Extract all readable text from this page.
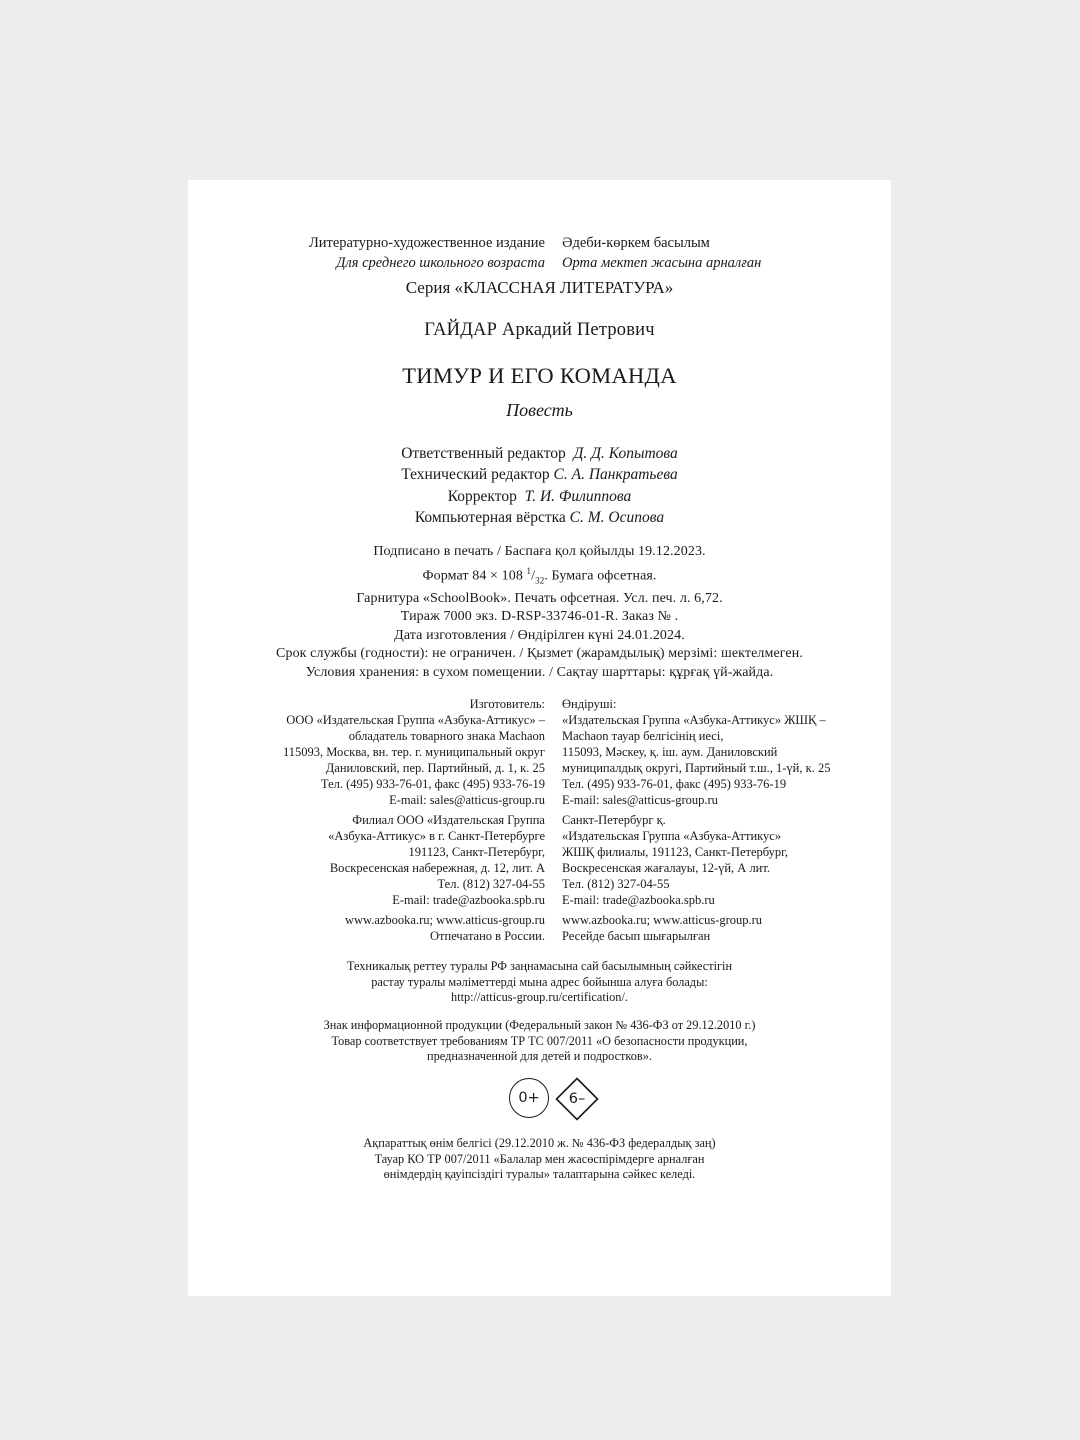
Литературно-художественное издание
Для среднего школьного возраста
Әдеби-көркем басылым
Орта мектеп жасына арналған
Серия «КЛАССНАЯ ЛИТЕРАТУРА»
ГАЙДАР Аркадий Петрович
ТИМУР И ЕГО КОМАНДА
Повесть
Ответственный редактор Д. Д. Копытова
Технический редактор С. А. Панкратьева
Корректор Т. И. Филиппова
Компьютерная вёрстка С. М. Осипова
Подписано в печать / Баспаға қол қойылды 19.12.2023.
Формат 84 × 108 $^1/_{32}$. Бумага офсетная.
Гарнитура «SchoolBook». Печать офсетная. Усл. печ. л. 6,72.
Тираж 7000 экз. D-RSP-33746-01-R. Заказ № .
Дата изготовления / Өндірілген күні 24.01.2024.
Срок службы (годности): не ограничен. / Қызмет (жарамдылық) мерзімі: шектелмеген.
Условия хранения: в сухом помещении. / Сақтау шарттары: құрғақ үй-жайда.
Изготовитель:
ООО «Издательская Группа «Азбука-Аттикус» –
обладатель товарного знака Machaon
115093, Москва, вн. тер. г. муниципальный округ
Даниловский, пер. Партийный, д. 1, к. 25
Тел. (495) 933-76-01, факс (495) 933-76-19
E-mail: sales@atticus-group.ru
Өндіруші:
«Издательская Группа «Азбука-Аттикус» ЖШҚ –
Machaon тауар белгісінің иесі,
115093, Мәскеу, қ. іш. аум. Даниловский
муниципалдық округі, Партийный т.ш., 1-үй, к. 25
Тел. (495) 933-76-01, факс (495) 933-76-19
E-mail: sales@atticus-group.ru
Филиал ООО «Издательская Группа
«Азбука-Аттикус» в г. Санкт-Петербурге
191123, Санкт-Петербург,
Воскресенская набережная, д. 12, лит. А
Тел. (812) 327-04-55
E-mail: trade@azbooka.spb.ru
Санкт-Петербург қ.
«Издательская Группа «Азбука-Аттикус»
ЖШҚ филиалы, 191123, Санкт-Петербург,
Воскресенская жағалауы, 12-үй, А лит.
Тел. (812) 327-04-55
E-mail: trade@azbooka.spb.ru
www.azbooka.ru; www.atticus-group.ru
Отпечатано в России.
www.azbooka.ru; www.atticus-group.ru
Ресейде басып шығарылған
Техникалық реттеу туралы РФ заңнамасына сай басылымның сәйкестігін
растау туралы мәліметтерді мына адрес бойынша алуға болады:
http://atticus-group.ru/certification/.
Знак информационной продукции (Федеральный закон № 436-ФЗ от 29.12.2010 г.)
Товар соответствует требованиям ТР ТС 007/2011 «О безопасности продукции,
предназначенной для детей и подростков».
0+	6–
Ақпараттық өнім белгісі (29.12.2010 ж. № 436-ФЗ федералдық заң)
Тауар КО ТР 007/2011 «Балалар мен жасөспірімдерге арналған
өнімдердің қауіпсіздігі туралы» талаптарына сәйкес келеді.
